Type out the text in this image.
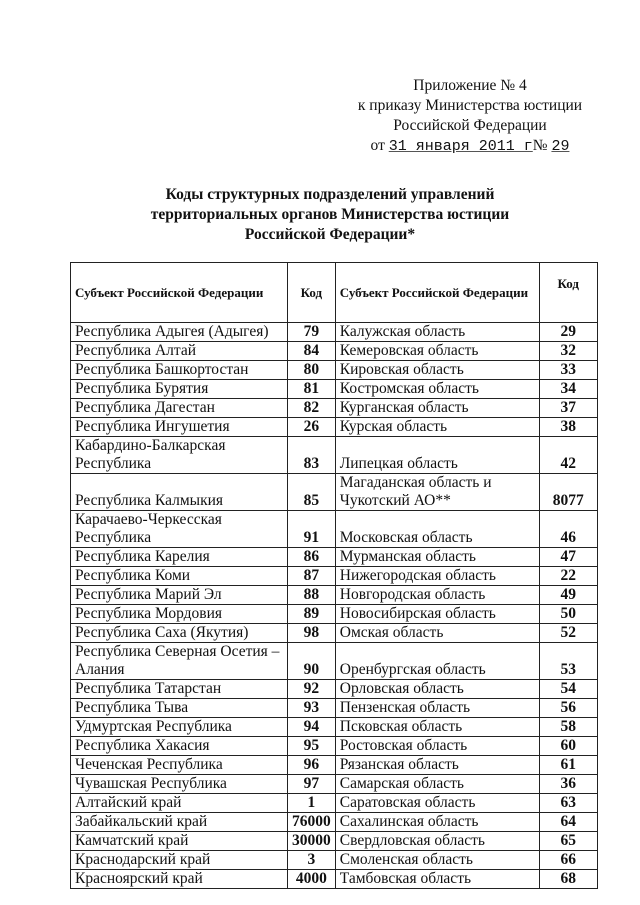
Приложение № 4
к приказу Министерства юстиции
Российской Федерации
от 31 января 2011 г№ 29
Коды структурных подразделений управлений
территориальных органов Министерства юстиции
Российской Федерации*
Субъект Российской Федерации	Код	Субъект Российской Федерации	Код
Республика Адыгея (Адыгея)	79	Калужская область	29
Республика Алтай	84	Кемеровская область	32
Республика Башкортостан	80	Кировская область	33
Республика Бурятия	81	Костромская область	34
Республика Дагестан	82	Курганская область	37
Республика Ингушетия	26	Курская область	38
Кабардино-Балкарская Республика	83	Липецкая область	42
Республика Калмыкия	85	Магаданская область и Чукотский АО**	8077
Карачаево-Черкесская Республика	91	Московская область	46
Республика Карелия	86	Мурманская область	47
Республика Коми	87	Нижегородская область	22
Республика Марий Эл	88	Новгородская область	49
Республика Мордовия	89	Новосибирская область	50
Республика Саха (Якутия)	98	Омская область	52
Республика Северная Осетия – Алания	90	Оренбургская область	53
Республика Татарстан	92	Орловская область	54
Республика Тыва	93	Пензенская область	56
Удмуртская Республика	94	Псковская область	58
Республика Хакасия	95	Ростовская область	60
Чеченская Республика	96	Рязанская область	61
Чувашская Республика	97	Самарская область	36
Алтайский край	1	Саратовская область	63
Забайкальский край	76000	Сахалинская область	64
Камчатский край	30000	Свердловская область	65
Краснодарский край	3	Смоленская область	66
Красноярский край	4000	Тамбовская область	68
